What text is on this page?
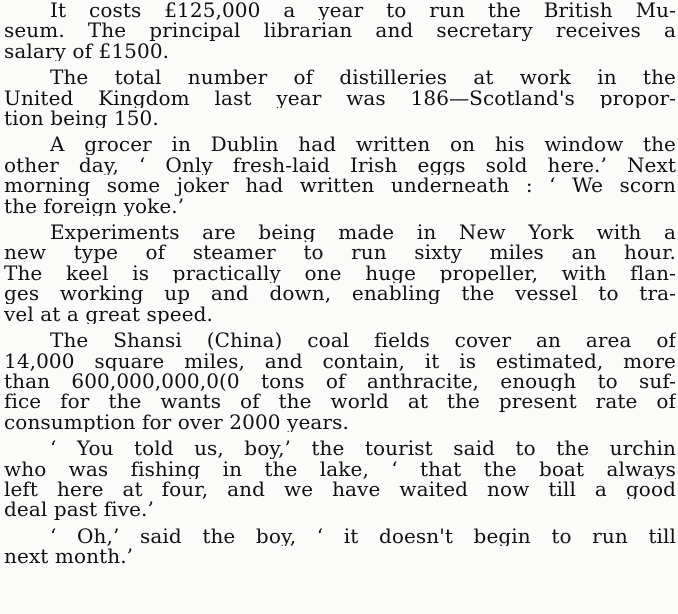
It costs £125,000 a year to run the British Mu-
seum. The principal librarian and secretary receives a
salary of £1500.
The total number of distilleries at work in the
United Kingdom last year was 186—Scotland's propor-
tion being 150.
A grocer in Dublin had written on his window the
other day, ‘ Only fresh-laid Irish eggs sold here.’ Next
morning some joker had written underneath : ‘ We scorn
the foreign yoke.’
Experiments are being made in New York with a
new type of steamer to run sixty miles an hour.
The keel is practically one huge propeller, with flan-
ges working up and down, enabling the vessel to tra-
vel at a great speed.
The Shansi (China) coal fields cover an area of
14,000 square miles, and contain, it is estimated, more
than 600,000,000,0(0 tons of anthracite, enough to suf-
fice for the wants of the world at the present rate of
consumption for over 2000 years.
‘ You told us, boy,’ the tourist said to the urchin
who was fishing in the lake, ‘ that the boat always
left here at four, and we have waited now till a good
deal past five.’
‘ Oh,’ said the boy, ‘ it doesn't begin to run till
next month.’
